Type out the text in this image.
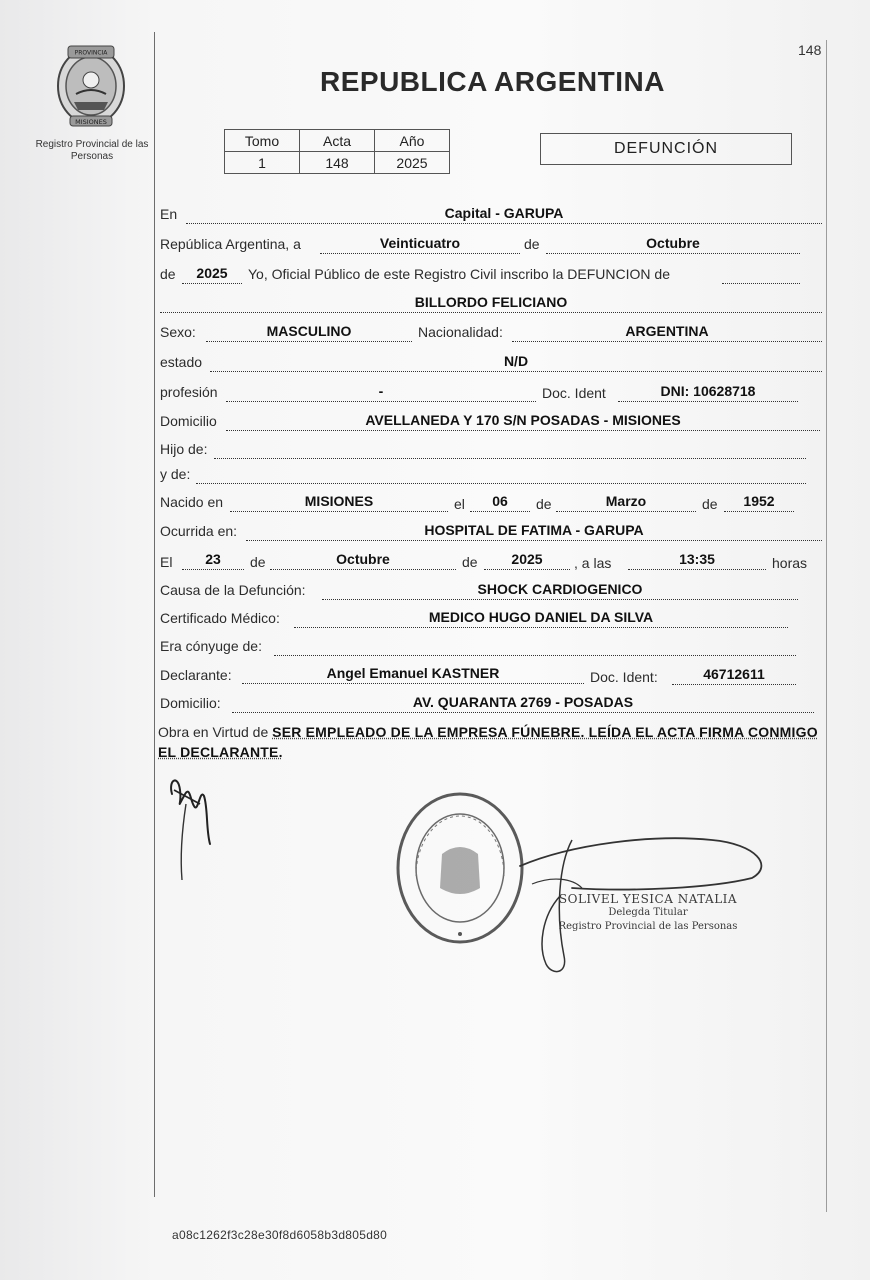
148
PROVINCIA
MISIONES
Registro Provincial de las Personas
REPUBLICA ARGENTINA
Tomo	Acta	Año
1	148	2025
DEFUNCIÓN
En	Capital - GARUPA
República Argentina, a	Veinticuatro	de	Octubre
de	2025	Yo, Oficial Público de este Registro Civil inscribo la DEFUNCION de
BILLORDO FELICIANO
Sexo:	MASCULINO	Nacionalidad:	ARGENTINA
estado	N/D
profesión	-	Doc. Ident	DNI: 10628718
Domicilio	AVELLANEDA Y 170 S/N POSADAS - MISIONES
Hijo de:
y de:
Nacido en	MISIONES	el	06	de	Marzo	de	1952
Ocurrida en:	HOSPITAL DE FATIMA - GARUPA
El	23	de	Octubre	de	2025	, a las	13:35	horas
Causa de la Defunción:	SHOCK CARDIOGENICO
Certificado Médico:	MEDICO HUGO DANIEL DA SILVA
Era cónyuge de:
Declarante:	Angel Emanuel KASTNER	Doc. Ident:	46712611
Domicilio:	AV. QUARANTA 2769 - POSADAS
Obra en Virtud de SER EMPLEADO DE LA EMPRESA FÚNEBRE. LEÍDA EL ACTA FIRMA CONMIGO EL DECLARANTE.
SOLIVEL YESICA NATALIA
Delegda Titular
Registro Provincial de las Personas
a08c1262f3c28e30f8d6058b3d805d80
